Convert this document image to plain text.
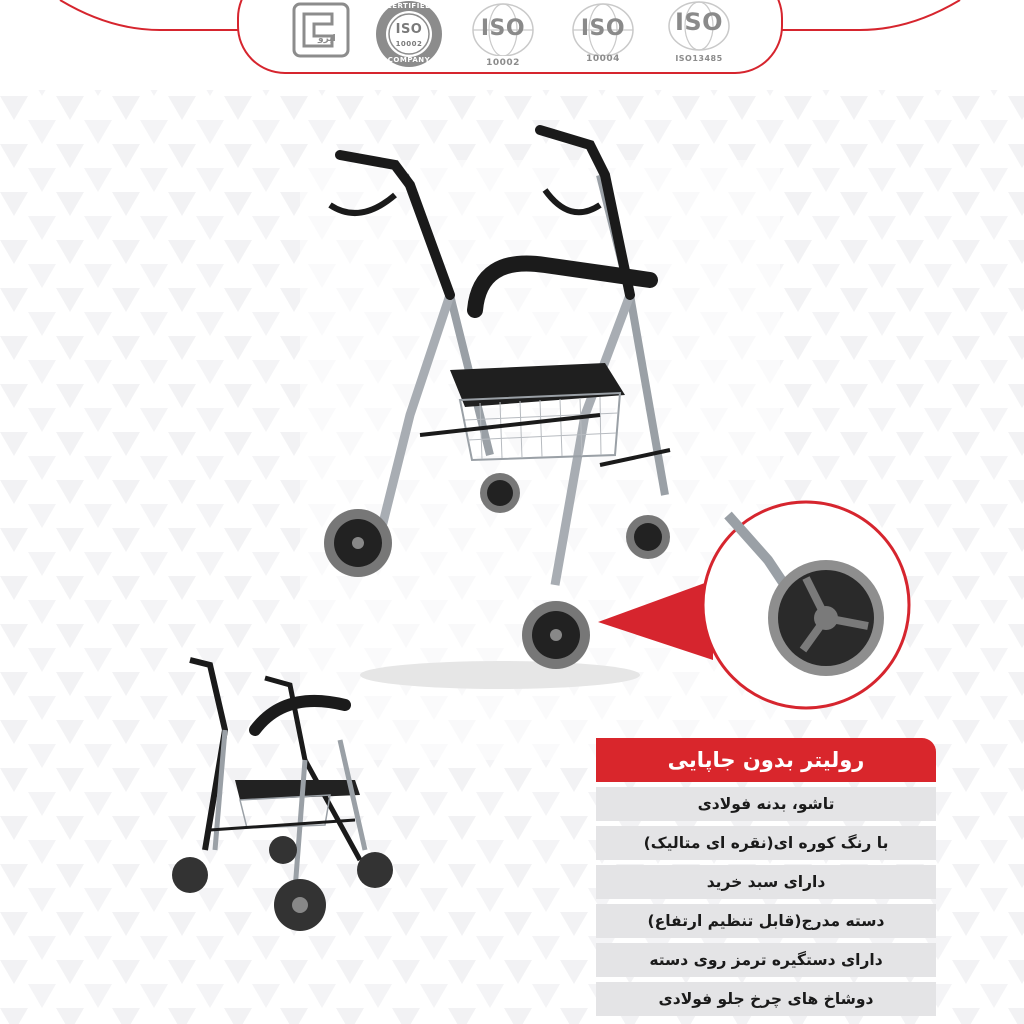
ایزو
CERTIFIED
ISO
10002
COMPANY
ISO
10002
ISO
10004
ISO
ISO13485
رولیتر بدون جاپایی
تاشو، بدنه فولادی
با رنگ کوره ای(نقره ای متالیک)
دارای سبد خرید
دسته مدرج(قابل تنظیم ارتفاع)
دارای دستگیره ترمز روی دسته
دوشاخ های چرخ جلو فولادی
